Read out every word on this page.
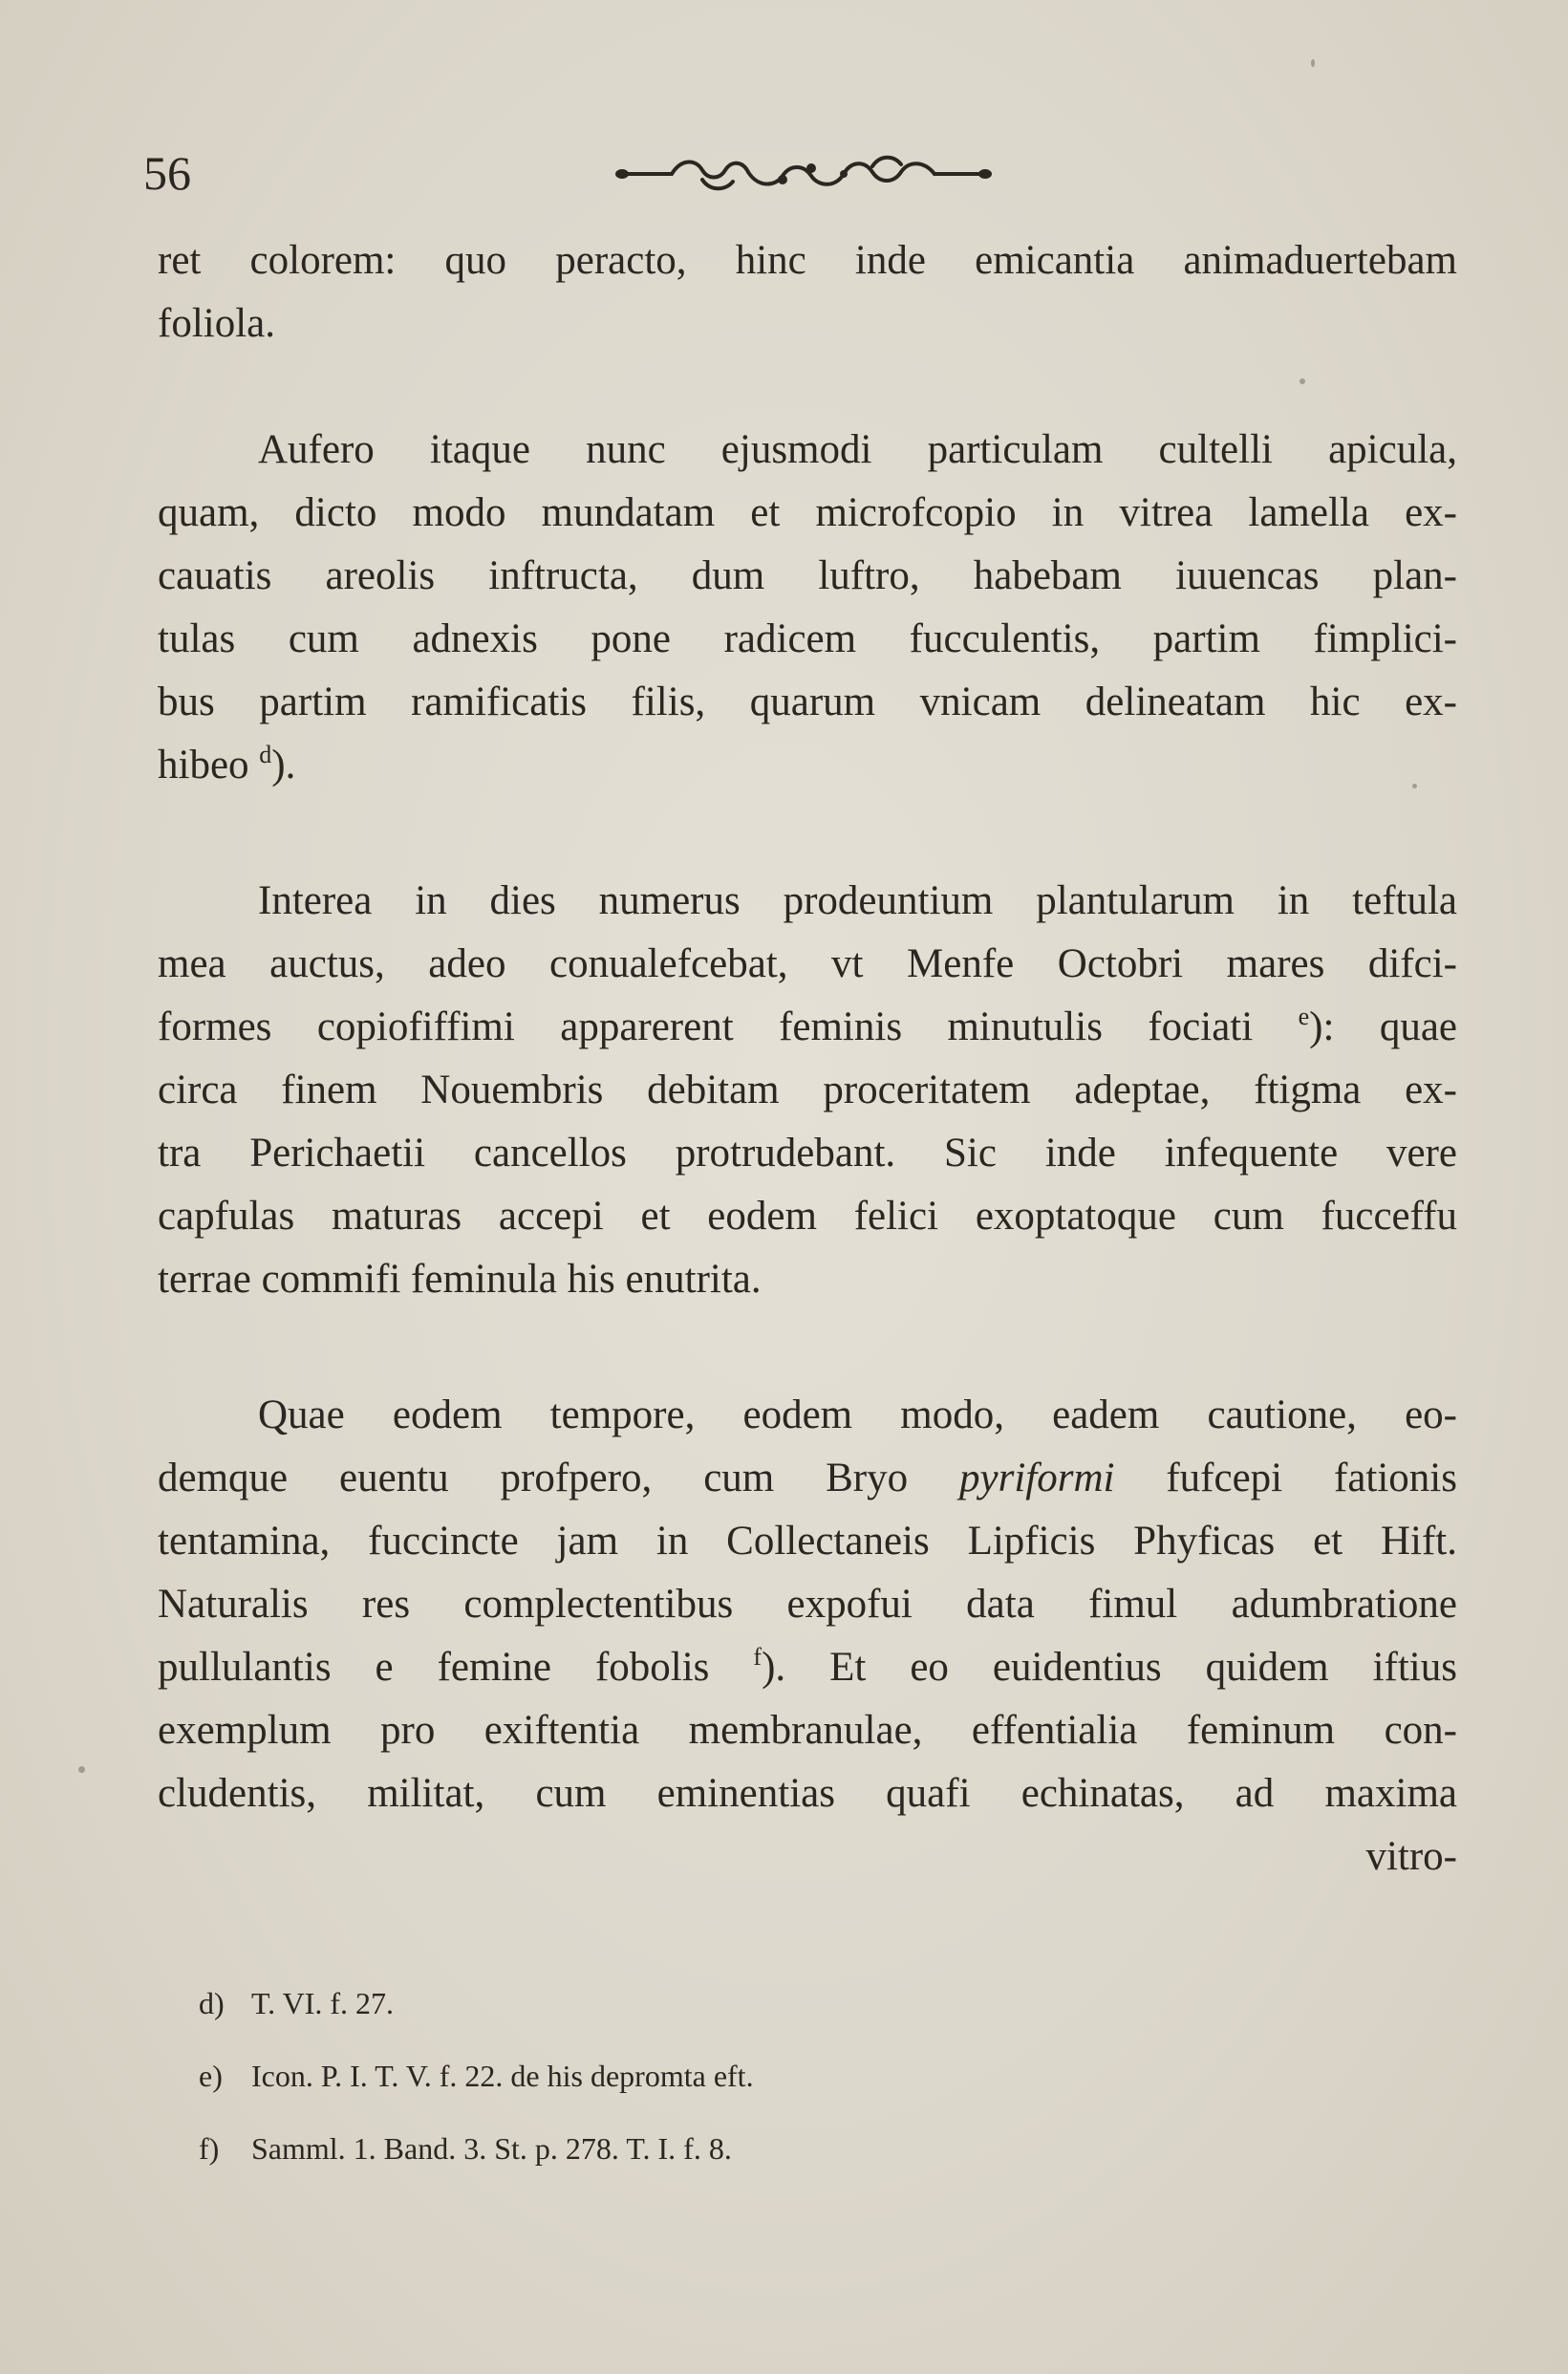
56
ret colorem: quo peracto, hinc inde emicantia animaduertebam
foliola.
Aufero itaque nunc ejusmodi particulam cultelli apicula,
quam, dicto modo mundatam et microfcopio in vitrea lamella ex-
cauatis areolis inftructa, dum luftro, habebam iuuencas plan-
tulas cum adnexis pone radicem fucculentis, partim fimplici-
bus partim ramificatis filis, quarum vnicam delineatam hic ex-
hibeo $^d$).
Interea in dies numerus prodeuntium plantularum in teftula
mea auctus, adeo conualefcebat, vt Menfe Octobri mares difci-
formes copiofiffimi apparerent feminis minutulis fociati $^e$): quae
circa finem Nouembris debitam proceritatem adeptae, ftigma ex-
tra Perichaetii cancellos protrudebant. Sic inde infequente vere
capfulas maturas accepi et eodem felici exoptatoque cum fucceffu
terrae commifi feminula his enutrita.
Quae eodem tempore, eodem modo, eadem cautione, eo-
demque euentu profpero, cum Bryo pyriformi fufcepi fationis
tentamina, fuccincte jam in Collectaneis Lipficis Phyficas et Hift.
Naturalis res complectentibus expofui data fimul adumbratione
pullulantis e femine fobolis $^f$). Et eo euidentius quidem iftius
exemplum pro exiftentia membranulae, effentialia feminum con-
cludentis, militat, cum eminentias quafi echinatas, ad maxima
vitro-
d) T. VI. f. 27.
e) Icon. P. I. T. V. f. 22. de his depromta eft.
f) Samml. 1. Band. 3. St. p. 278. T. I. f. 8.
